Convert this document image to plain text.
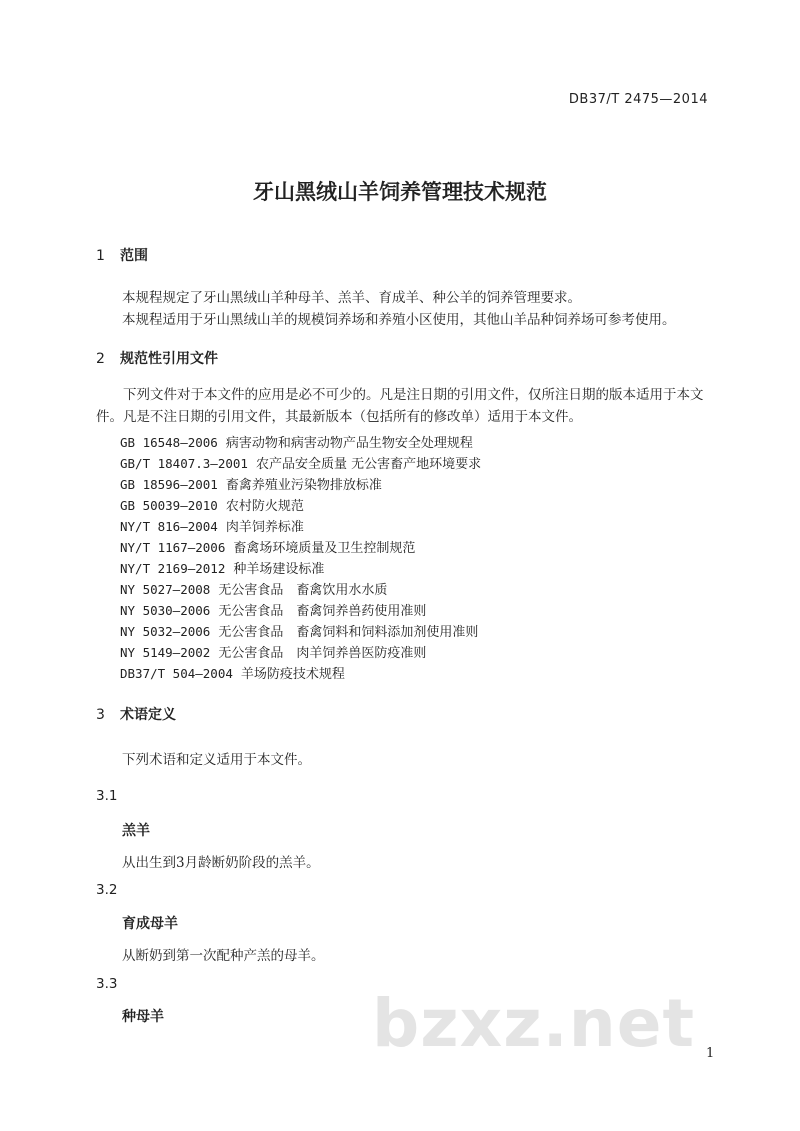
DB37/T 2475—2014
牙山黑绒山羊饲养管理技术规范
1 范围
本规程规定了牙山黑绒山羊种母羊、羔羊、育成羊、种公羊的饲养管理要求。
本规程适用于牙山黑绒山羊的规模饲养场和养殖小区使用，其他山羊品种饲养场可参考使用。
2 规范性引用文件
下列文件对于本文件的应用是必不可少的。凡是注日期的引用文件，仅所注日期的版本适用于本文件。凡是不注日期的引用文件，其最新版本（包括所有的修改单）适用于本文件。
GB 16548—2006 病害动物和病害动物产品生物安全处理规程
GB/T 18407.3—2001 农产品安全质量 无公害畜产地环境要求
GB 18596—2001 畜禽养殖业污染物排放标准
GB 50039—2010 农村防火规范
NY/T 816—2004 肉羊饲养标准
NY/T 1167—2006 畜禽场环境质量及卫生控制规范
NY/T 2169—2012 种羊场建设标准
NY 5027—2008 无公害食品　畜禽饮用水水质
NY 5030—2006 无公害食品　畜禽饲养兽药使用准则
NY 5032—2006 无公害食品　畜禽饲料和饲料添加剂使用准则
NY 5149—2002 无公害食品　肉羊饲养兽医防疫准则
DB37/T 504—2004 羊场防疫技术规程
3 术语定义
下列术语和定义适用于本文件。
3.1
羔羊
从出生到3月龄断奶阶段的羔羊。
3.2
育成母羊
从断奶到第一次配种产羔的母羊。
3.3
种母羊	bzxz.net 1
